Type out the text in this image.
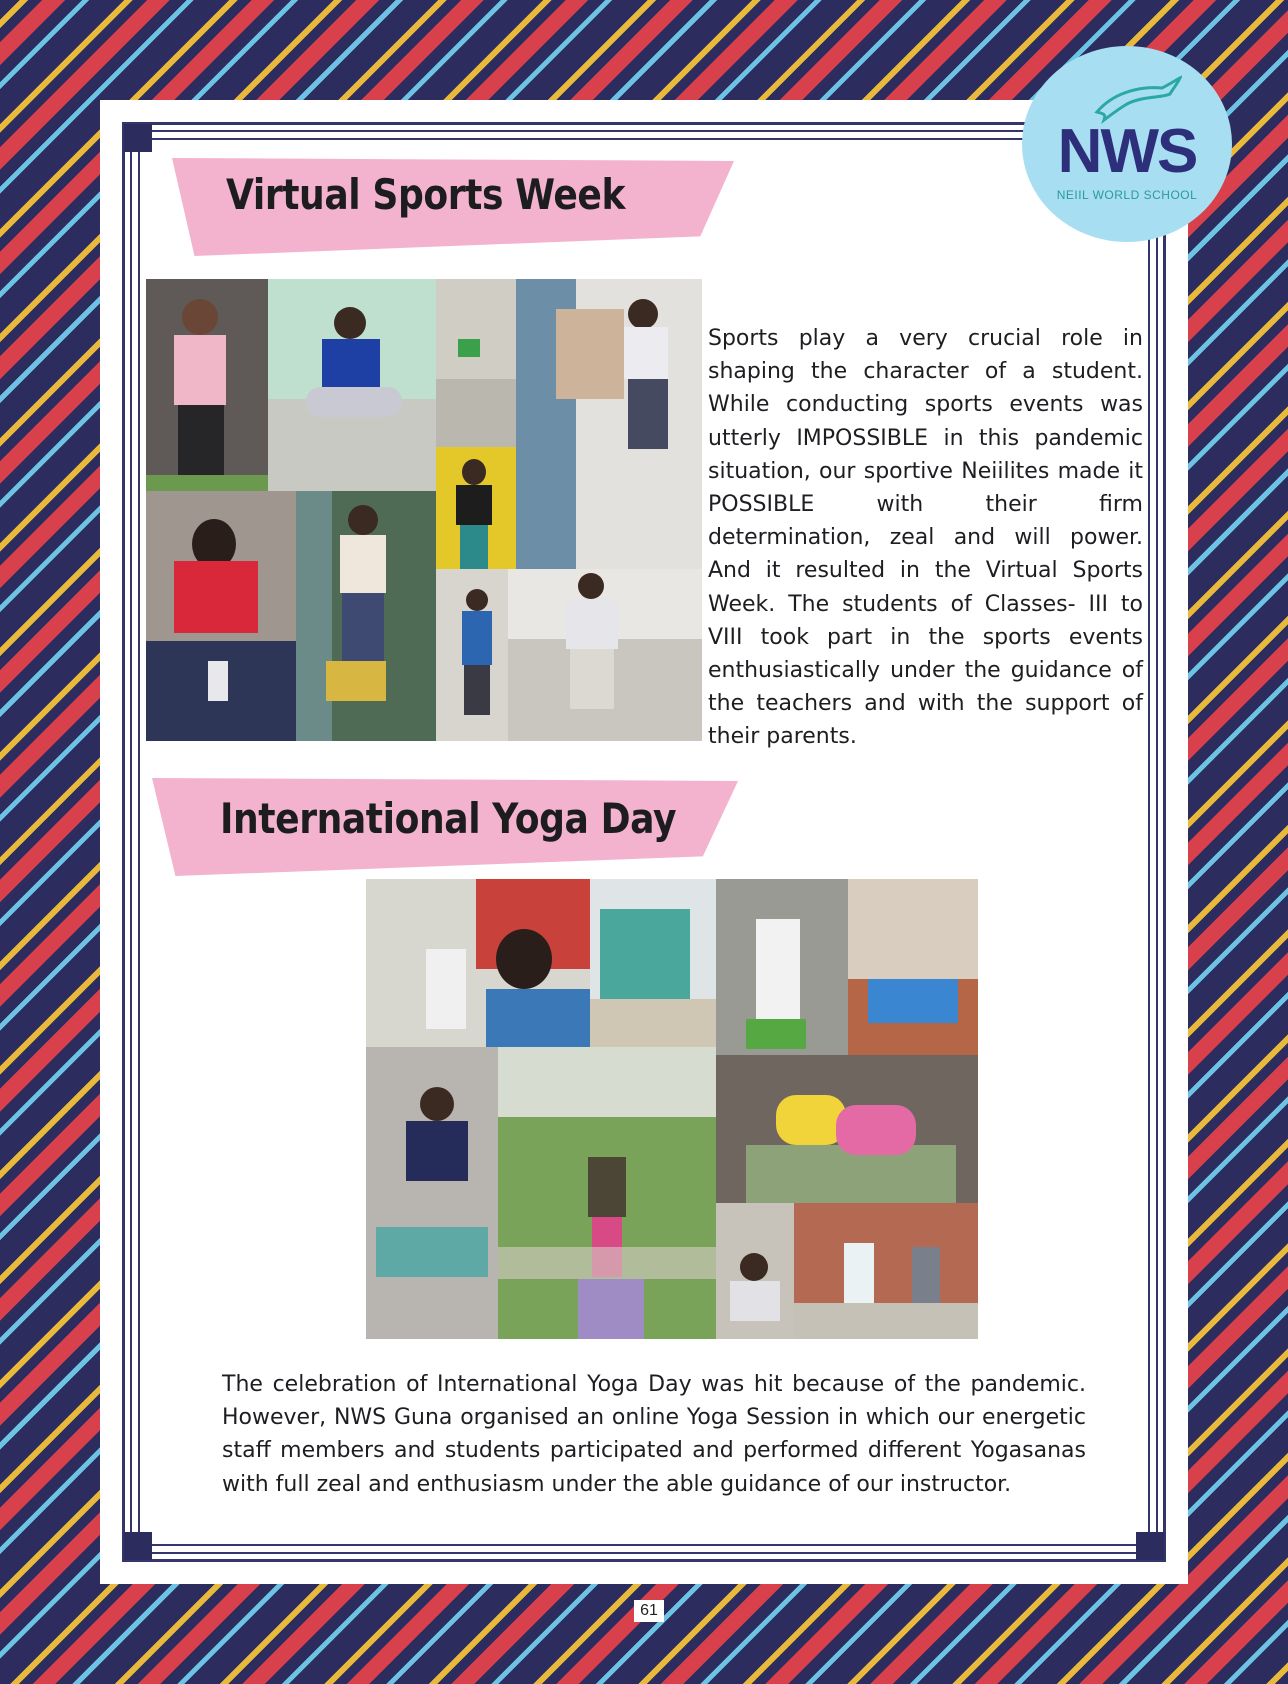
NWS
NEIIL WORLD SCHOOL
Virtual Sports Week
Sports play a very crucial role in shaping the character of a student. While conducting sports events was utterly IMPOSSIBLE in this pandemic situation, our sportive Neiilites made it POSSIBLE with their firm determination, zeal and will power. And it resulted in the Virtual Sports Week. The students of Classes- III to VIII took part in the sports events enthusiastically under the guidance of the teachers and with the support of their parents.
International Yoga Day
The celebration of International Yoga Day was hit because of the pandemic. However, NWS Guna organised an online Yoga Session in which our energetic staff members and students participated and performed different Yogasanas with full zeal and enthusiasm under the able guidance of our instructor.
61
